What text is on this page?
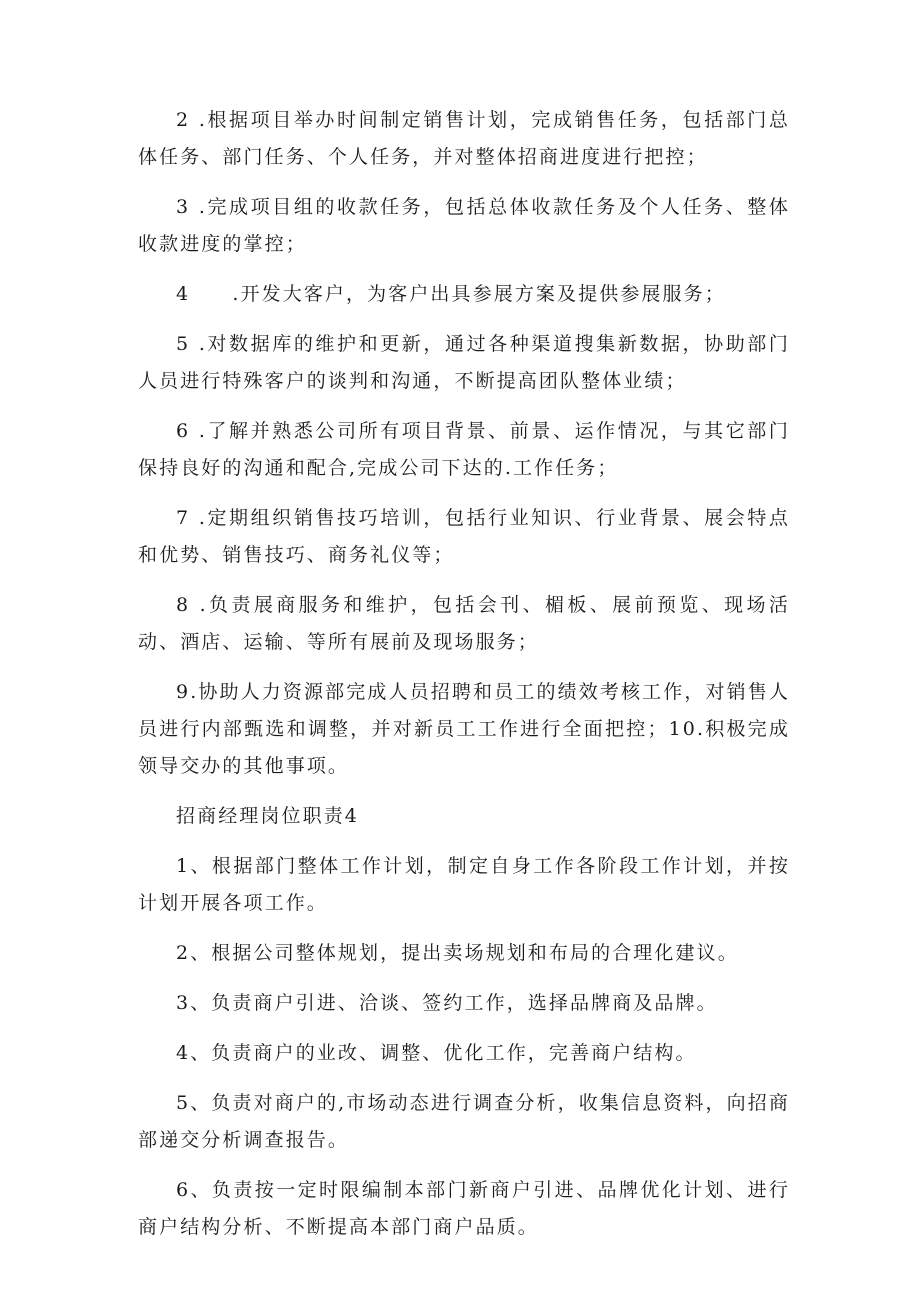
2 .根据项目举办时间制定销售计划，完成销售任务，包括部门总体任务、部门任务、个人任务，并对整体招商进度进行把控；

3 .完成项目组的收款任务，包括总体收款任务及个人任务、整体收款进度的掌控；

4　　.开发大客户，为客户出具参展方案及提供参展服务；

5 .对数据库的维护和更新，通过各种渠道搜集新数据，协助部门人员进行特殊客户的谈判和沟通，不断提高团队整体业绩；

6 .了解并熟悉公司所有项目背景、前景、运作情况，与其它部门保持良好的沟通和配合,完成公司下达的.工作任务；

7 .定期组织销售技巧培训，包括行业知识、行业背景、展会特点和优势、销售技巧、商务礼仪等；

8 .负责展商服务和维护，包括会刊、楣板、展前预览、现场活动、酒店、运输、等所有展前及现场服务；

9.协助人力资源部完成人员招聘和员工的绩效考核工作，对销售人员进行内部甄选和调整，并对新员工工作进行全面把控；10.积极完成领导交办的其他事项。

招商经理岗位职责4

1、根据部门整体工作计划，制定自身工作各阶段工作计划，并按计划开展各项工作。

2、根据公司整体规划，提出卖场规划和布局的合理化建议。

3、负责商户引进、洽谈、签约工作，选择品牌商及品牌。

4、负责商户的业改、调整、优化工作，完善商户结构。

5、负责对商户的,市场动态进行调查分析，收集信息资料，向招商部递交分析调查报告。

6、负责按一定时限编制本部门新商户引进、品牌优化计划、进行商户结构分析、不断提高本部门商户品质。
